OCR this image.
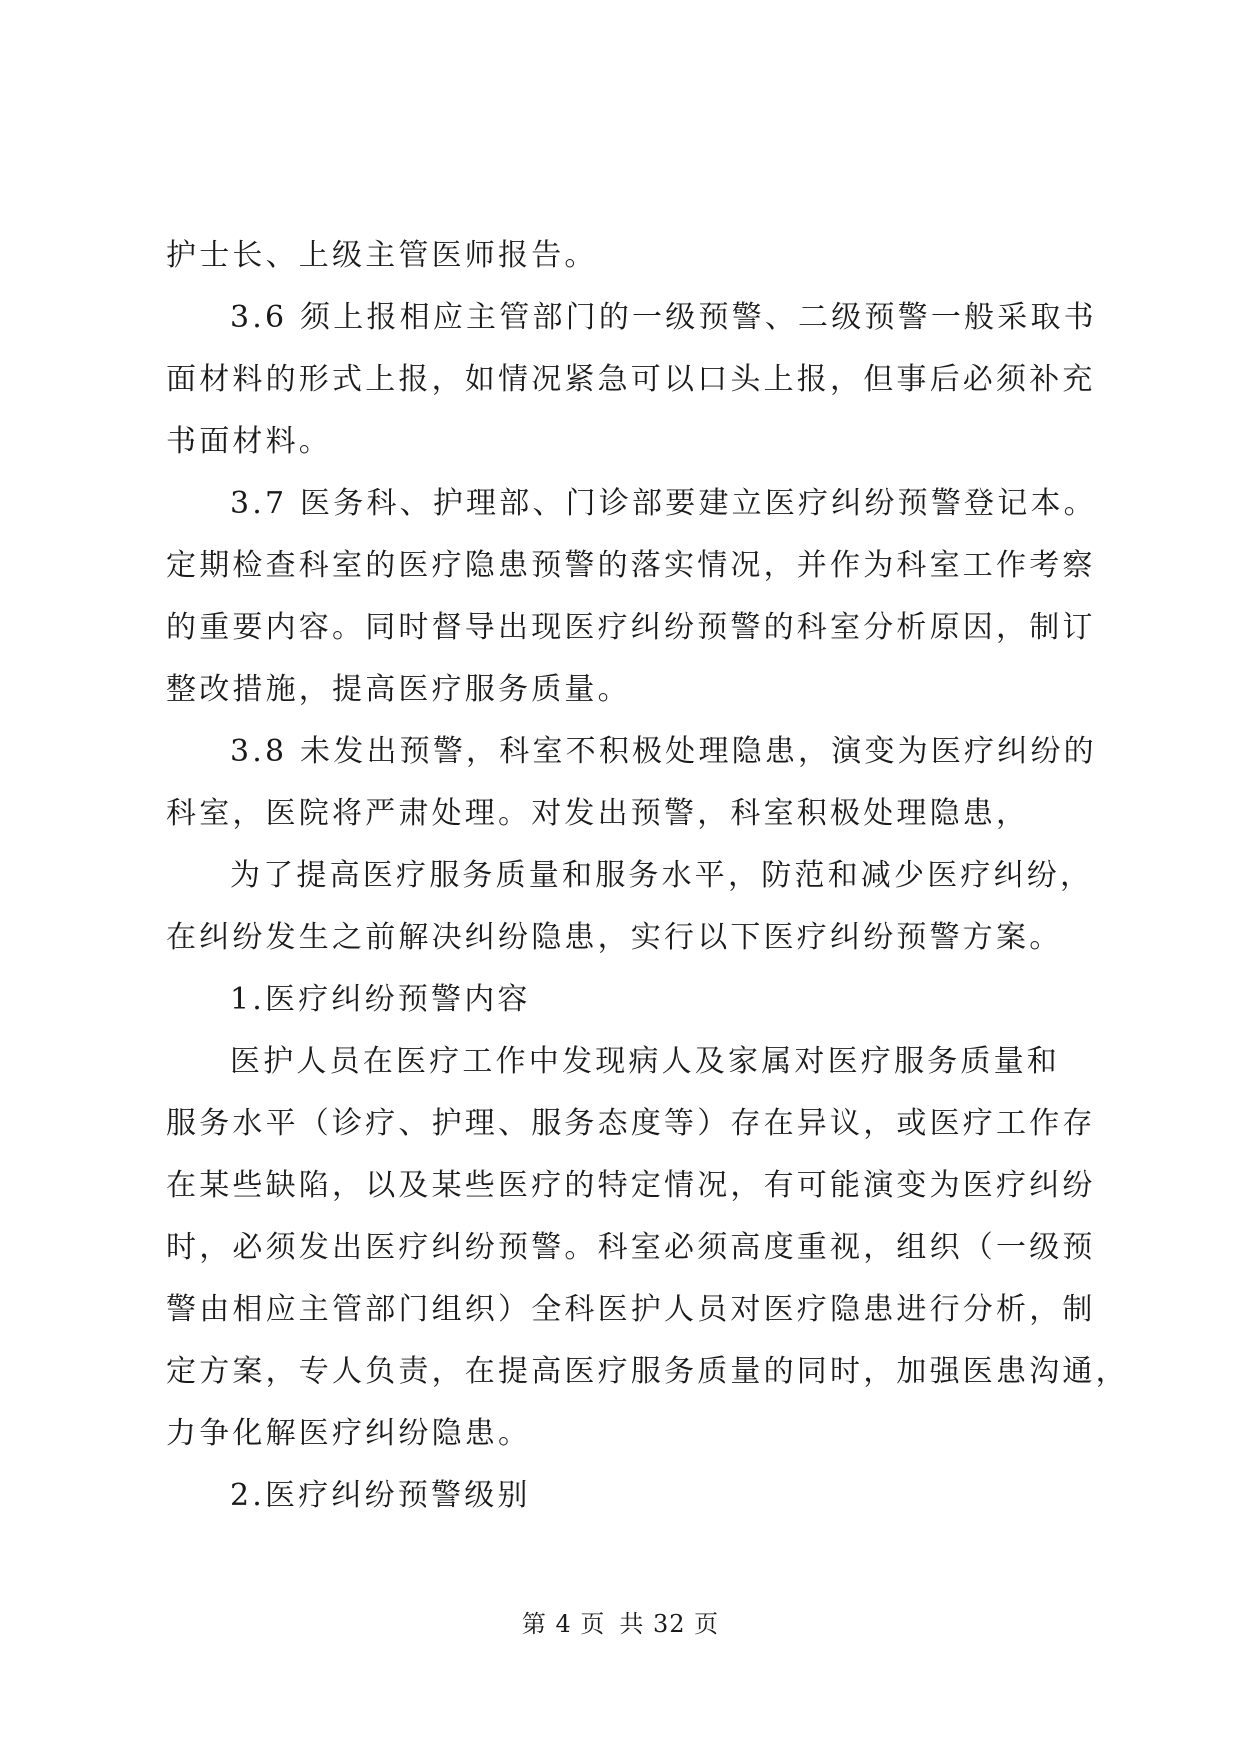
护士长、上级主管医师报告。
3.6 须上报相应主管部门的一级预警、二级预警一般采取书
面材料的形式上报，如情况紧急可以口头上报，但事后必须补充
书面材料。
3.7 医务科、护理部、门诊部要建立医疗纠纷预警登记本。
定期检查科室的医疗隐患预警的落实情况，并作为科室工作考察
的重要内容。同时督导出现医疗纠纷预警的科室分析原因，制订
整改措施，提高医疗服务质量。
3.8 未发出预警，科室不积极处理隐患，演变为医疗纠纷的
科室，医院将严肃处理。对发出预警，科室积极处理隐患，
为了提高医疗服务质量和服务水平，防范和减少医疗纠纷，
在纠纷发生之前解决纠纷隐患，实行以下医疗纠纷预警方案。
1.医疗纠纷预警内容
医护人员在医疗工作中发现病人及家属对医疗服务质量和
服务水平（诊疗、护理、服务态度等）存在异议，或医疗工作存
在某些缺陷，以及某些医疗的特定情况，有可能演变为医疗纠纷
时，必须发出医疗纠纷预警。科室必须高度重视，组织（一级预
警由相应主管部门组织）全科医护人员对医疗隐患进行分析，制
定方案，专人负责，在提高医疗服务质量的同时，加强医患沟通，
力争化解医疗纠纷隐患。
2.医疗纠纷预警级别
第 4 页 共 32 页
